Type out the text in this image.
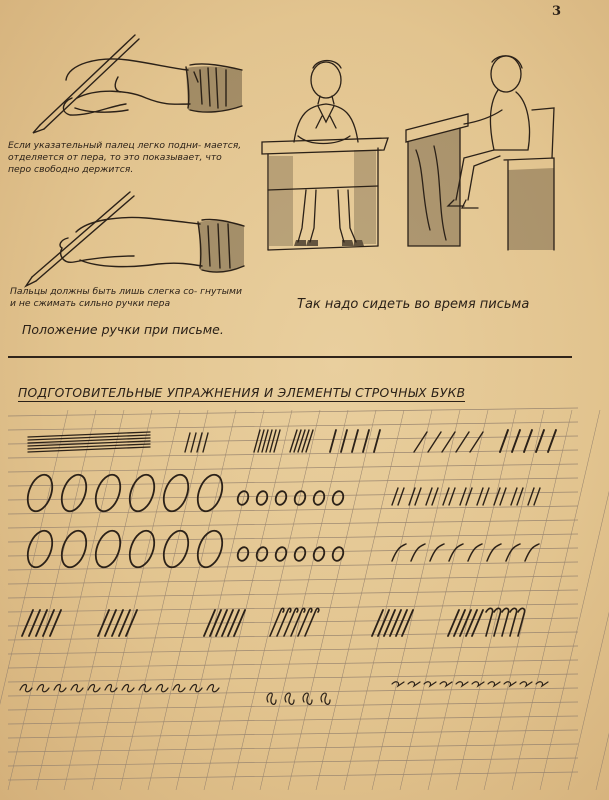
3
Если указательный палец легко подни- мается, отделяется от пера, то это показывает, что перо свободно держится.
Пальцы должны быть лишь слегка со- гнутыми и не сжимать сильно ручки пера
Положение ручки при письме.
Так надо сидеть во время письма
ПОДГОТОВИТЕЛЬНЫЕ УПРАЖНЕНИЯ И ЭЛЕМЕНТЫ СТРОЧНЫХ БУКВ
